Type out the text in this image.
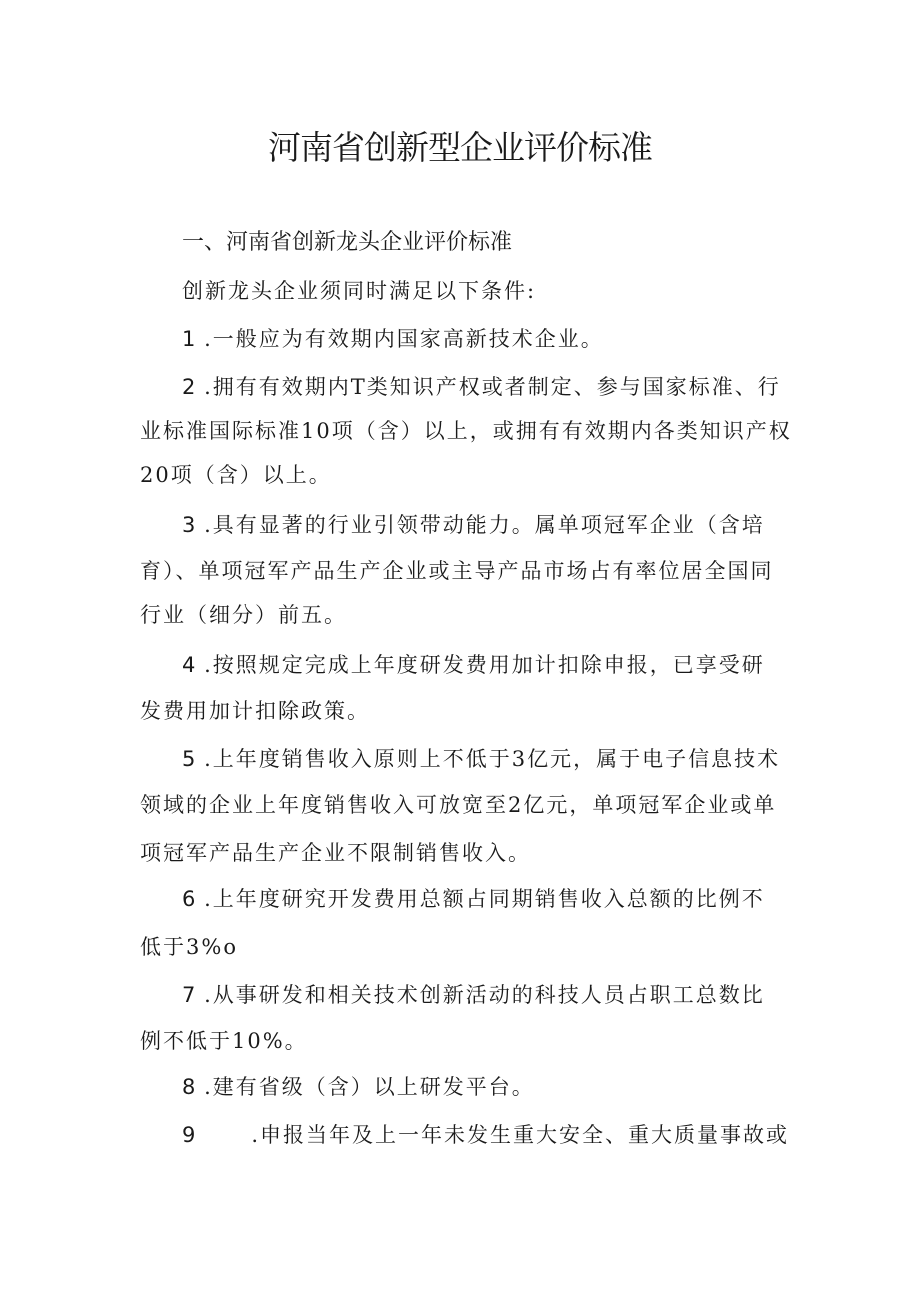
河南省创新型企业评价标准
一、河南省创新龙头企业评价标准
创新龙头企业须同时满足以下条件:
1 .一般应为有效期内国家高新技术企业。
2 .拥有有效期内T类知识产权或者制定、参与国家标准、行
业标准国际标准10项（含）以上，或拥有有效期内各类知识产权
20项（含）以上。
3 .具有显著的行业引领带动能力。属单项冠军企业（含培
育）、单项冠军产品生产企业或主导产品市场占有率位居全国同
行业（细分）前五。
4 .按照规定完成上年度研发费用加计扣除申报，已享受研
发费用加计扣除政策。
5 .上年度销售收入原则上不低于3亿元，属于电子信息技术
领域的企业上年度销售收入可放宽至2亿元，单项冠军企业或单
项冠军产品生产企业不限制销售收入。
6 .上年度研究开发费用总额占同期销售收入总额的比例不
低于3%o
7 .从事研发和相关技术创新活动的科技人员占职工总数比
例不低于10%。
8 .建有省级（含）以上研发平台。
9	.申报当年及上一年未发生重大安全、重大质量事故或
